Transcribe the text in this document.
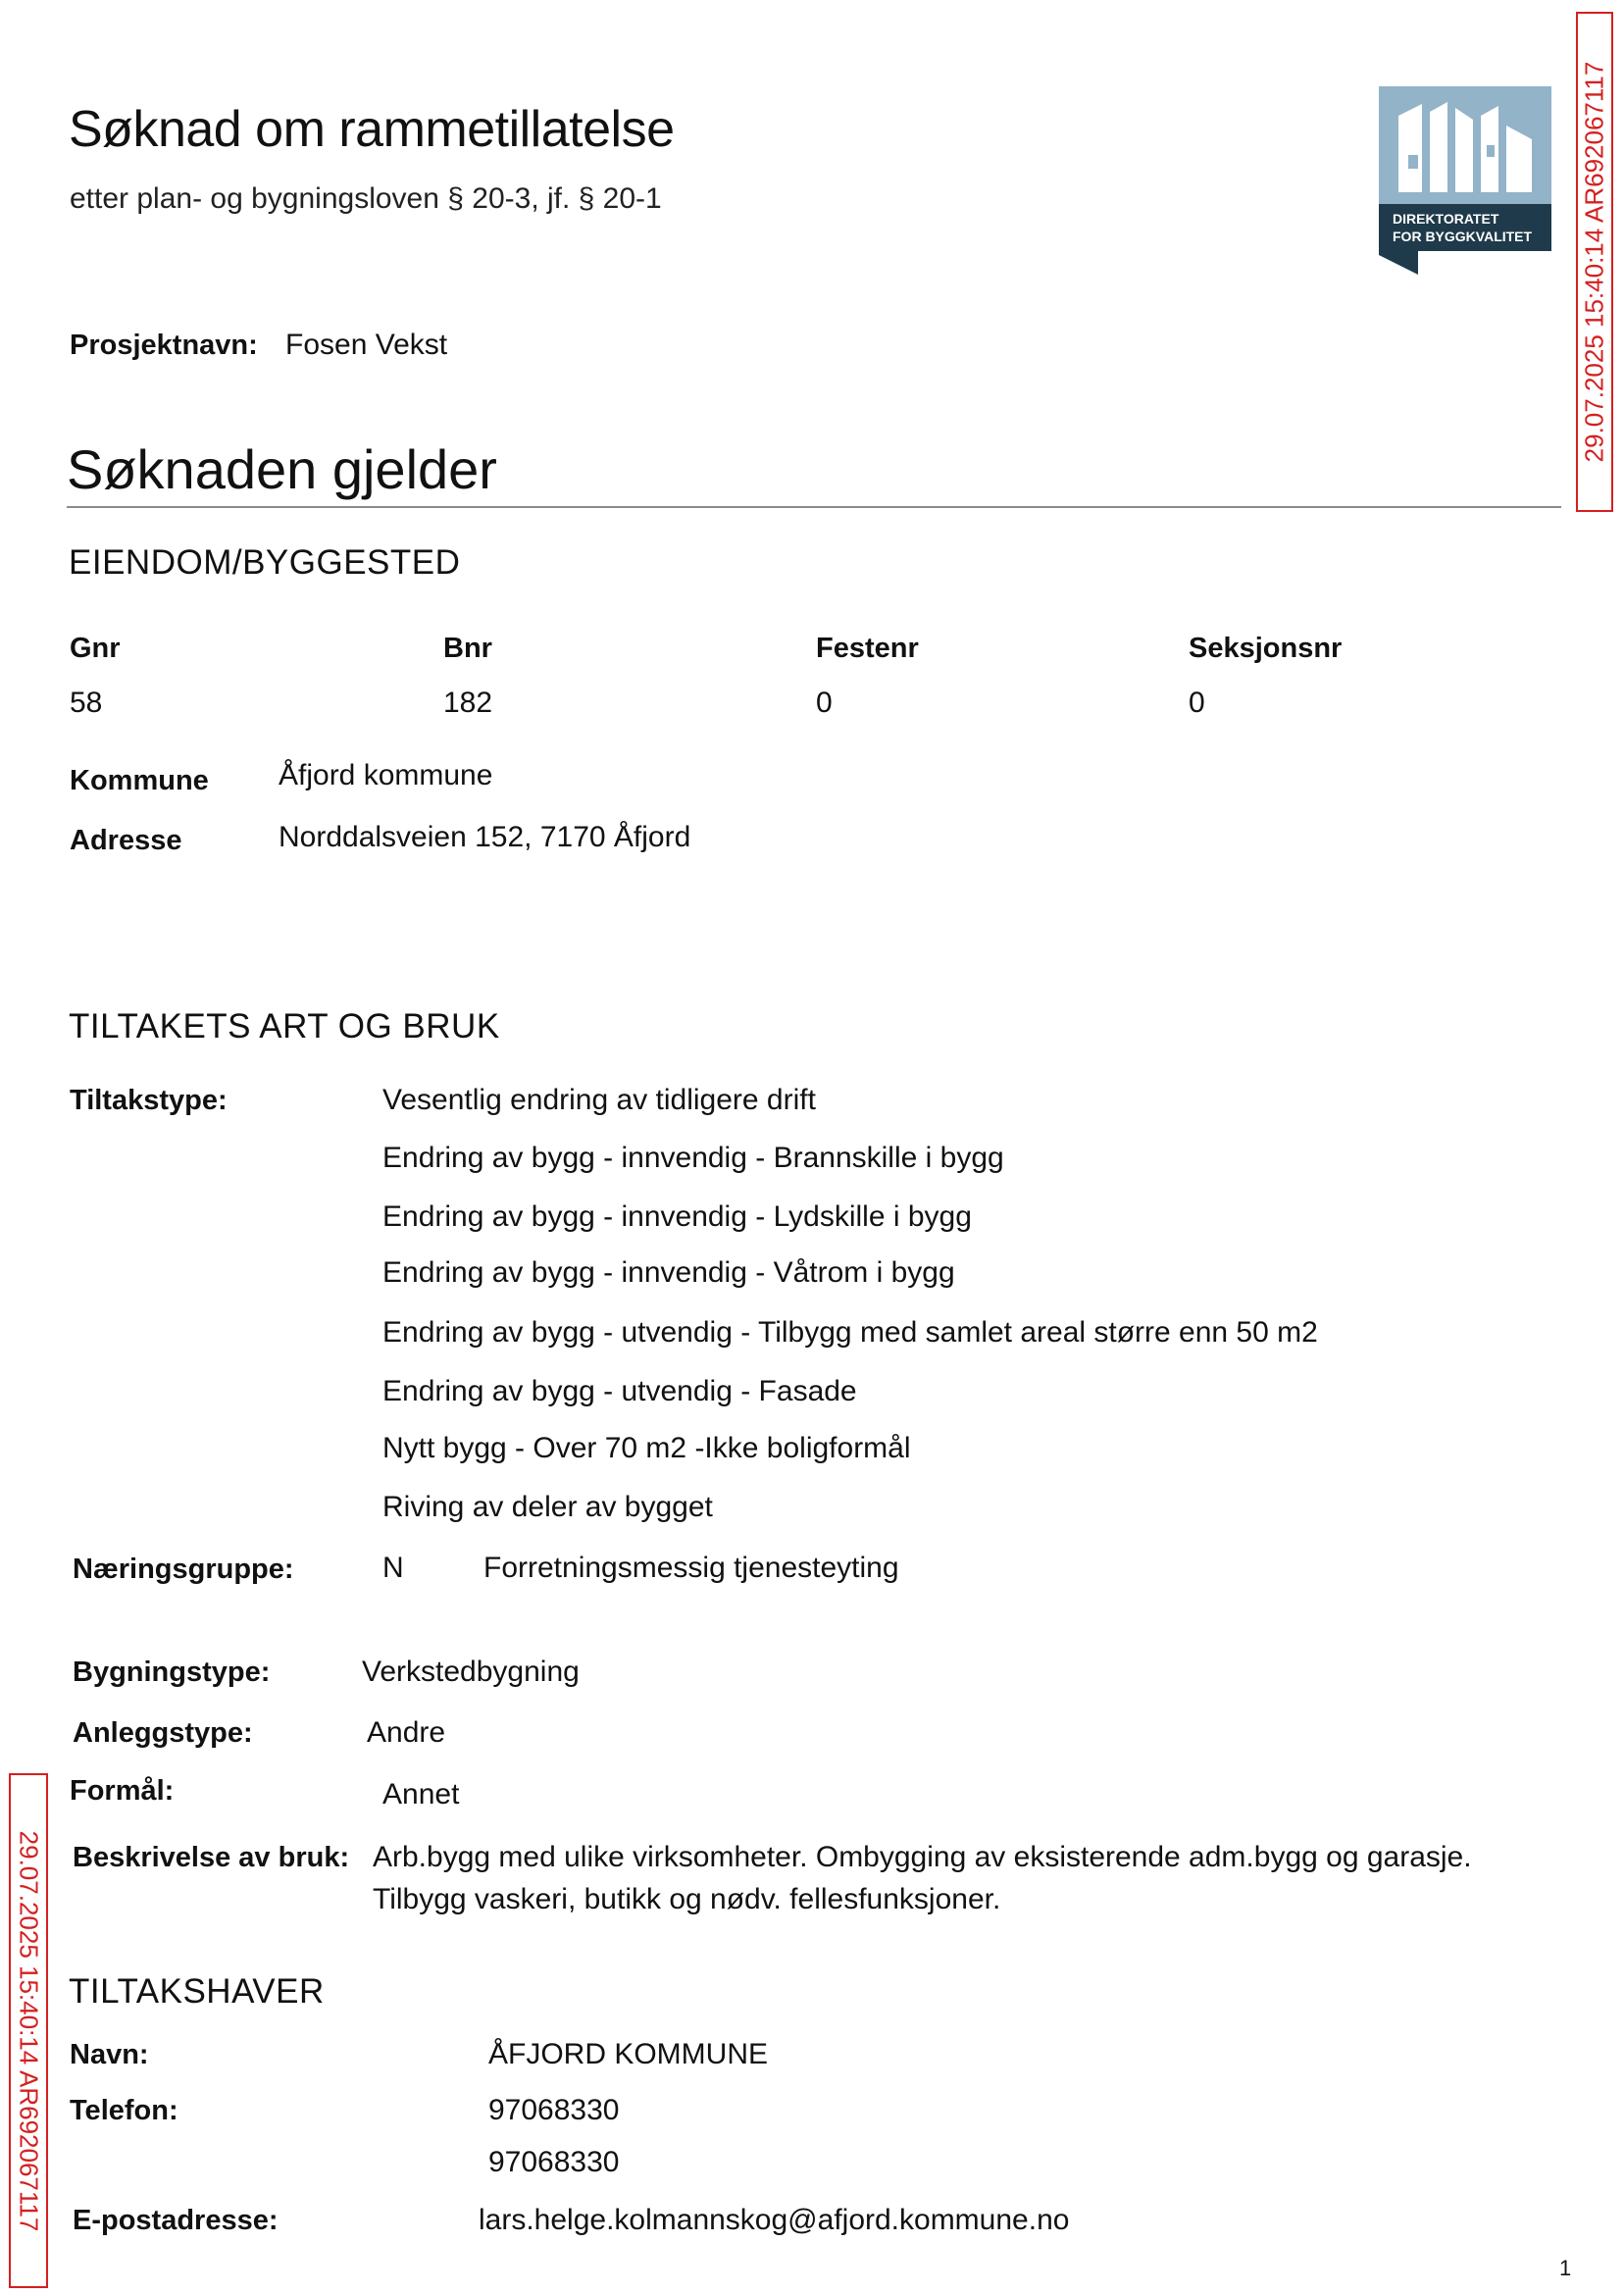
Søknad om rammetillatelse
etter plan- og bygningsloven § 20-3, jf. § 20-1
DIREKTORATET
FOR BYGGKVALITET
Prosjektnavn: Fosen Vekst
Søknaden gjelder
EIENDOM/BYGGESTED
Gnr	Bnr	Festenr	Seksjonsnr
58	182	0	0
Kommune Åfjord kommune
Adresse	Norddalsveien 152, 7170 Åfjord
TILTAKETS ART OG BRUK
Tiltakstype:	Vesentlig endring av tidligere drift
Endring av bygg - innvendig - Brannskille i bygg
Endring av bygg - innvendig - Lydskille i bygg
Endring av bygg - innvendig - Våtrom i bygg
Endring av bygg - utvendig - Tilbygg med samlet areal større enn 50 m2
Endring av bygg - utvendig - Fasade
Nytt bygg - Over 70 m2 -Ikke boligformål
Riving av deler av bygget
Næringsgruppe:	N	Forretningsmessig tjenesteyting
Bygningstype:	Verkstedbygning
Anleggstype:	Andre
Formål:	Annet
Beskrivelse av bruk: Arb.bygg med ulike virksomheter. Ombygging av eksisterende adm.bygg og garasje.
Tilbygg vaskeri, butikk og nødv. fellesfunksjoner.
TILTAKSHAVER
Navn:	ÅFJORD KOMMUNE
Telefon:	97068330
97068330
E-postadresse:	lars.helge.kolmannskog@afjord.kommune.no
29.07.2025 15:40:14 AR692067117
29.07.2025 15:40:14 AR692067117
1
